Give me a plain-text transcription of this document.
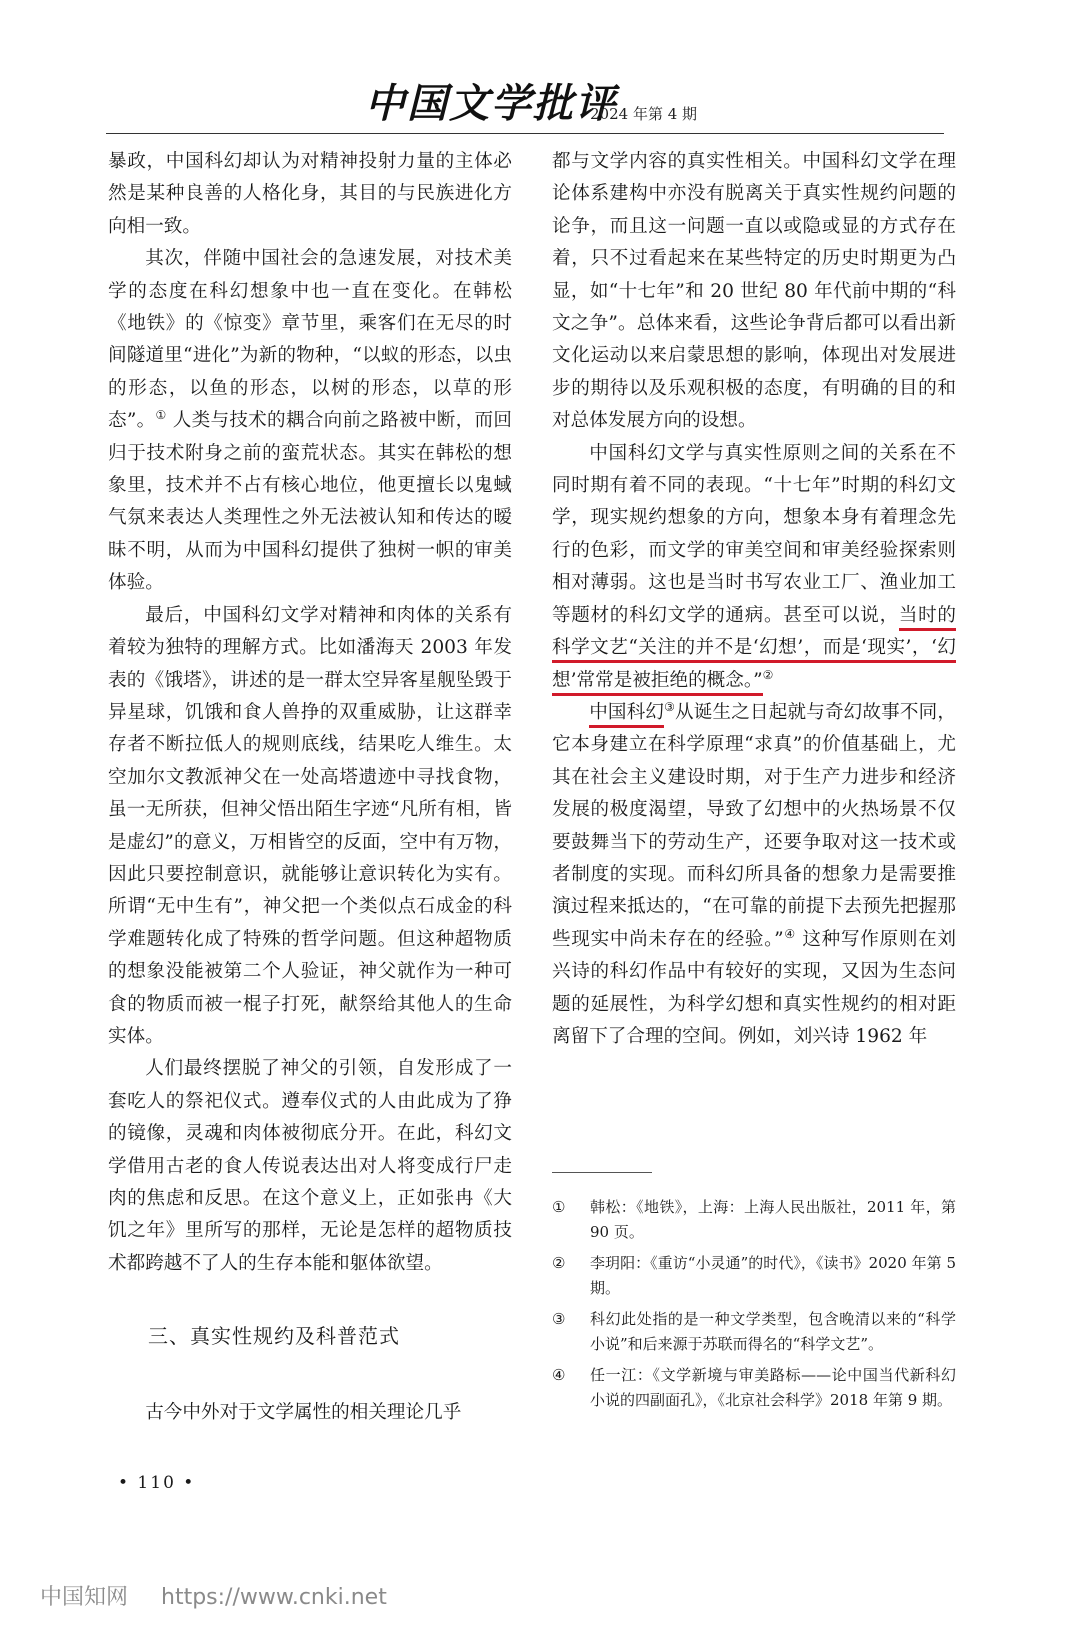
中国文学批评
2024 年第 4 期

暴政，中国科幻却认为对精神投射力量的主体必然是某种良善的人格化身，其目的与民族进化方向相一致。

其次，伴随中国社会的急速发展，对技术美学的态度在科幻想象中也一直在变化。在韩松《地铁》的《惊变》章节里，乘客们在无尽的时间隧道里“进化”为新的物种，“以蚁的形态，以虫的形态，以鱼的形态，以树的形态，以草的形态”。① 人类与技术的耦合向前之路被中断，而回归于技术附身之前的蛮荒状态。其实在韩松的想象里，技术并不占有核心地位，他更擅长以鬼蜮气氛来表达人类理性之外无法被认知和传达的暧昧不明，从而为中国科幻提供了独树一帜的审美体验。

最后，中国科幻文学对精神和肉体的关系有着较为独特的理解方式。比如潘海天 2003 年发表的《饿塔》，讲述的是一群太空异客星舰坠毁于异星球，饥饿和食人兽挣的双重威胁，让这群幸存者不断拉低人的规则底线，结果吃人维生。太空加尔文教派神父在一处高塔遗迹中寻找食物，虽一无所获，但神父悟出陌生字迹“凡所有相，皆是虚幻”的意义，万相皆空的反面，空中有万物，因此只要控制意识，就能够让意识转化为实有。所谓“无中生有”，神父把一个类似点石成金的科学难题转化成了特殊的哲学问题。但这种超物质的想象没能被第二个人验证，神父就作为一种可食的物质而被一棍子打死，献祭给其他人的生命实体。

人们最终摆脱了神父的引领，自发形成了一套吃人的祭祀仪式。遵奉仪式的人由此成为了狰的镜像，灵魂和肉体被彻底分开。在此，科幻文学借用古老的食人传说表达出对人将变成行尸走肉的焦虑和反思。在这个意义上，正如张冉《大饥之年》里所写的那样，无论是怎样的超物质技术都跨越不了人的生存本能和躯体欲望。

三、真实性规约及科普范式

古今中外对于文学属性的相关理论几乎

都与文学内容的真实性相关。中国科幻文学在理论体系建构中亦没有脱离关于真实性规约问题的论争，而且这一问题一直以或隐或显的方式存在着，只不过看起来在某些特定的历史时期更为凸显，如“十七年”和 20 世纪 80 年代前中期的“科文之争”。总体来看，这些论争背后都可以看出新文化运动以来启蒙思想的影响，体现出对发展进步的期待以及乐观积极的态度，有明确的目的和对总体发展方向的设想。

中国科幻文学与真实性原则之间的关系在不同时期有着不同的表现。“十七年”时期的科幻文学，现实规约想象的方向，想象本身有着理念先行的色彩，而文学的审美空间和审美经验探索则相对薄弱。这也是当时书写农业工厂、渔业加工等题材的科幻文学的通病。甚至可以说，当时的科学文艺“关注的并不是‘幻想’，而是‘现实’，‘幻想’常常是被拒绝的概念。”②

中国科幻③从诞生之日起就与奇幻故事不同，它本身建立在科学原理“求真”的价值基础上，尤其在社会主义建设时期，对于生产力进步和经济发展的极度渴望，导致了幻想中的火热场景不仅要鼓舞当下的劳动生产，还要争取对这一技术或者制度的实现。而科幻所具备的想象力是需要推演过程来抵达的，“在可靠的前提下去预先把握那些现实中尚未存在的经验。”④ 这种写作原则在刘兴诗的科幻作品中有较好的实现，又因为生态问题的延展性，为科学幻想和真实性规约的相对距离留下了合理的空间。例如，刘兴诗 1962 年

①	韩松：《地铁》，上海：上海人民出版社，2011 年，第 90 页。
②	李玥阳：《重访“小灵通”的时代》，《读书》2020 年第 5 期。
③	科幻此处指的是一种文学类型，包含晚清以来的“科学小说”和后来源于苏联而得名的“科学文艺”。
④	任一江：《文学新境与审美路标——论中国当代新科幻小说的四副面孔》，《北京社会科学》2018 年第 9 期。
• 110 •
中国知网 https://www.cnki.net
